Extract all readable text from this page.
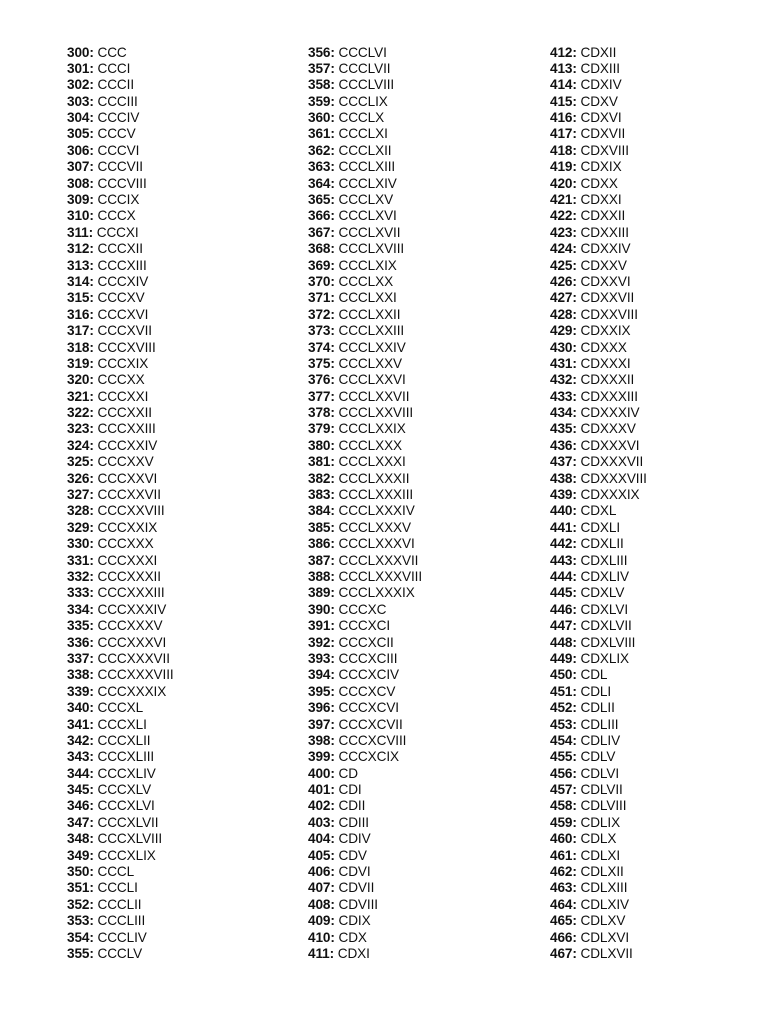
300: CCC
301: CCCI
302: CCCII
303: CCCIII
304: CCCIV
305: CCCV
306: CCCVI
307: CCCVII
308: CCCVIII
309: CCCIX
310: CCCX
311: CCCXI
312: CCCXII
313: CCCXIII
314: CCCXIV
315: CCCXV
316: CCCXVI
317: CCCXVII
318: CCCXVIII
319: CCCXIX
320: CCCXX
321: CCCXXI
322: CCCXXII
323: CCCXXIII
324: CCCXXIV
325: CCCXXV
326: CCCXXVI
327: CCCXXVII
328: CCCXXVIII
329: CCCXXIX
330: CCCXXX
331: CCCXXXI
332: CCCXXXII
333: CCCXXXIII
334: CCCXXXIV
335: CCCXXXV
336: CCCXXXVI
337: CCCXXXVII
338: CCCXXXVIII
339: CCCXXXIX
340: CCCXL
341: CCCXLI
342: CCCXLII
343: CCCXLIII
344: CCCXLIV
345: CCCXLV
346: CCCXLVI
347: CCCXLVII
348: CCCXLVIII
349: CCCXLIX
350: CCCL
351: CCCLI
352: CCCLII
353: CCCLIII
354: CCCLIV
355: CCCLV
356: CCCLVI
357: CCCLVII
358: CCCLVIII
359: CCCLIX
360: CCCLX
361: CCCLXI
362: CCCLXII
363: CCCLXIII
364: CCCLXIV
365: CCCLXV
366: CCCLXVI
367: CCCLXVII
368: CCCLXVIII
369: CCCLXIX
370: CCCLXX
371: CCCLXXI
372: CCCLXXII
373: CCCLXXIII
374: CCCLXXIV
375: CCCLXXV
376: CCCLXXVI
377: CCCLXXVII
378: CCCLXXVIII
379: CCCLXXIX
380: CCCLXXX
381: CCCLXXXI
382: CCCLXXXII
383: CCCLXXXIII
384: CCCLXXXIV
385: CCCLXXXV
386: CCCLXXXVI
387: CCCLXXXVII
388: CCCLXXXVIII
389: CCCLXXXIX
390: CCCXC
391: CCCXCI
392: CCCXCII
393: CCCXCIII
394: CCCXCIV
395: CCCXCV
396: CCCXCVI
397: CCCXCVII
398: CCCXCVIII
399: CCCXCIX
400: CD
401: CDI
402: CDII
403: CDIII
404: CDIV
405: CDV
406: CDVI
407: CDVII
408: CDVIII
409: CDIX
410: CDX
411: CDXI
412: CDXII
413: CDXIII
414: CDXIV
415: CDXV
416: CDXVI
417: CDXVII
418: CDXVIII
419: CDXIX
420: CDXX
421: CDXXI
422: CDXXII
423: CDXXIII
424: CDXXIV
425: CDXXV
426: CDXXVI
427: CDXXVII
428: CDXXVIII
429: CDXXIX
430: CDXXX
431: CDXXXI
432: CDXXXII
433: CDXXXIII
434: CDXXXIV
435: CDXXXV
436: CDXXXVI
437: CDXXXVII
438: CDXXXVIII
439: CDXXXIX
440: CDXL
441: CDXLI
442: CDXLII
443: CDXLIII
444: CDXLIV
445: CDXLV
446: CDXLVI
447: CDXLVII
448: CDXLVIII
449: CDXLIX
450: CDL
451: CDLI
452: CDLII
453: CDLIII
454: CDLIV
455: CDLV
456: CDLVI
457: CDLVII
458: CDLVIII
459: CDLIX
460: CDLX
461: CDLXI
462: CDLXII
463: CDLXIII
464: CDLXIV
465: CDLXV
466: CDLXVI
467: CDLXVII
